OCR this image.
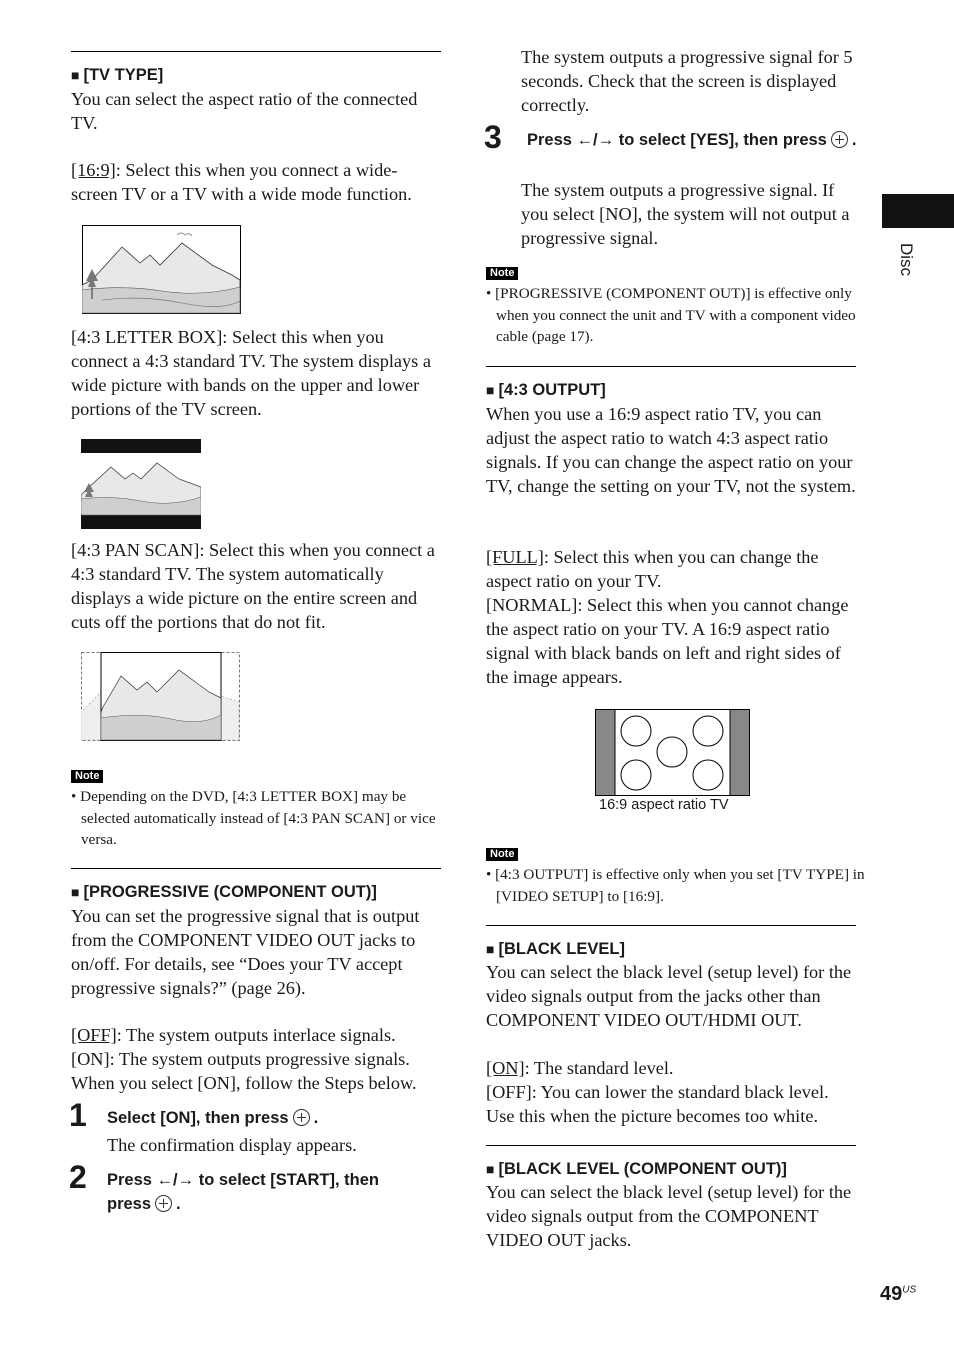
Disc
■ [TV TYPE]

You can select the aspect ratio of the connected TV.

[16:9]: Select this when you connect a wide-screen TV or a TV with a wide mode function.

[4:3 LETTER BOX]: Select this when you connect a 4:3 standard TV. The system displays a wide picture with bands on the upper and lower portions of the TV screen.

[4:3 PAN SCAN]: Select this when you connect a 4:3 standard TV. The system automatically displays a wide picture on the entire screen and cuts off the portions that do not fit.

Note
• Depending on the DVD, [4:3 LETTER BOX] may be selected automatically instead of [4:3 PAN SCAN] or vice versa.
■ [PROGRESSIVE (COMPONENT OUT)]

You can set the progressive signal that is output from the COMPONENT VIDEO OUT jacks to on/off. For details, see “Does your TV accept progressive signals?” (page 26).

[OFF]: The system outputs interlace signals.

[ON]: The system outputs progressive signals. When you select [ON], follow the Steps below.

1 Select [ON], then press .

The confirmation display appears.

2 Press ←/→ to select [START], then press .

The system outputs a progressive signal for 5 seconds. Check that the screen is displayed correctly.

3 Press ←/→ to select [YES], then press .

The system outputs a progressive signal. If you select [NO], the system will not output a progressive signal.

Note
• [PROGRESSIVE (COMPONENT OUT)] is effective only when you connect the unit and TV with a component video cable (page 17).
■ [4:3 OUTPUT]

When you use a 16:9 aspect ratio TV, you can adjust the aspect ratio to watch 4:3 aspect ratio signals. If you can change the aspect ratio on your TV, change the setting on your TV, not the system.

[FULL]: Select this when you can change the aspect ratio on your TV.

[NORMAL]: Select this when you cannot change the aspect ratio on your TV. A 16:9 aspect ratio signal with black bands on left and right sides of the image appears.

16:9 aspect ratio TV
Note
• [4:3 OUTPUT] is effective only when you set [TV TYPE] in [VIDEO SETUP] to [16:9].
■ [BLACK LEVEL]

You can select the black level (setup level) for the video signals output from the jacks other than COMPONENT VIDEO OUT/HDMI OUT.

[ON]: The standard level.

[OFF]: You can lower the standard black level. Use this when the picture becomes too white.

■ [BLACK LEVEL (COMPONENT OUT)]

You can select the black level (setup level) for the video signals output from the COMPONENT VIDEO OUT jacks.

$49^{US}$
